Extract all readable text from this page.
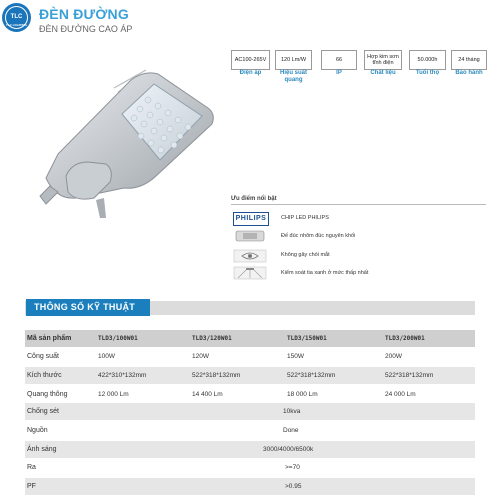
TLC
TLC LIGHTING
ĐÈN ĐƯỜNG
ĐÈN ĐƯỜNG CAO ÁP
AC100-265V	120 Lm/W	66	Hợp kim sơn tĩnh điện	50.000h	24 tháng
Điện áp	Hiệu suất quang
IP	Chất liệu	Tuổi thọ	Bảo hành
Ưu điểm nổi bật
PHILIPS	CHIP LED PHILIPS
Đế đúc nhôm đúc nguyên khối
Không gây chói mắt
Kiểm soát tia xanh ở mức thấp nhất
THÔNG SỐ KỸ THUẬT
Mã sản phẩm	TLD3/100W01	TLD3/120W01	TLD3/150W01	TLD3/200W01
Công suất	100W	120W	150W	200W
Kích thước	422*310*132mm	522*318*132mm	522*318*132mm	522*318*132mm
Quang thông	12 000 Lm	14 400 Lm	18 000 Lm	24 000 Lm
Chống sét	10kva
Nguồn	Done
Ánh sáng	3000/4000/6500k
Ra	>=70
PF	>0.95
